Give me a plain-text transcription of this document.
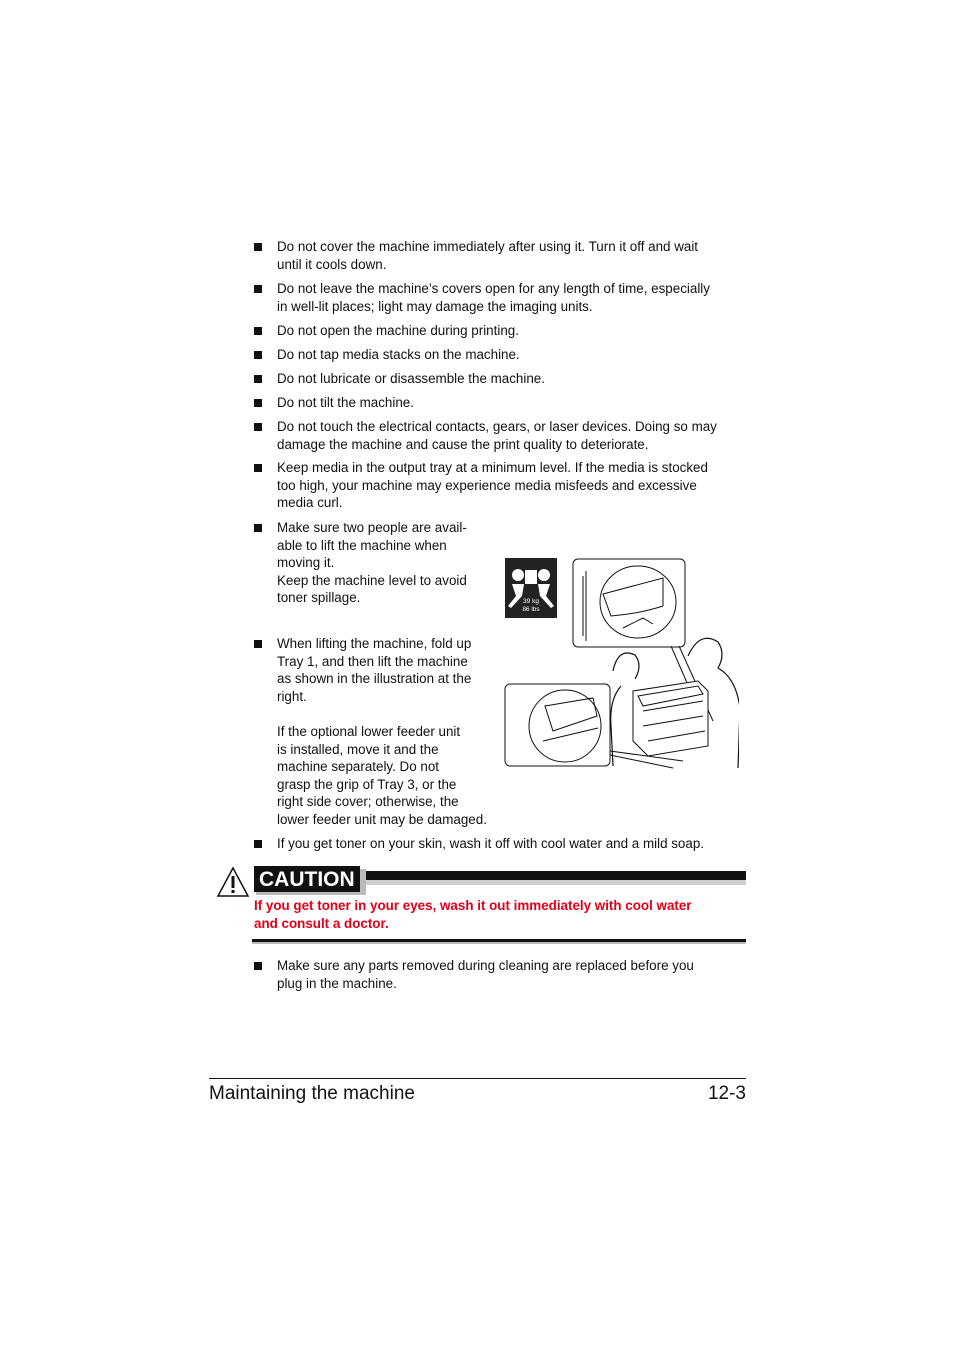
Do not cover the machine immediately after using it. Turn it off and wait
until it cools down.
Do not leave the machine’s covers open for any length of time, especially
in well-lit places; light may damage the imaging units.
Do not open the machine during printing.
Do not tap media stacks on the machine.
Do not lubricate or disassemble the machine.
Do not tilt the machine.
Do not touch the electrical contacts, gears, or laser devices. Doing so may
damage the machine and cause the print quality to deteriorate.
Keep media in the output tray at a minimum level. If the media is stocked
too high, your machine may experience media misfeeds and excessive
media curl.
Make sure two people are avail-
able to lift the machine when
moving it.
Keep the machine level to avoid
toner spillage.
When lifting the machine, fold up
Tray 1, and then lift the machine
as shown in the illustration at the
right.
If the optional lower feeder unit
is installed, move it and the
machine separately. Do not
grasp the grip of Tray 3, or the
right side cover; otherwise, the
lower feeder unit may be damaged.
If you get toner on your skin, wash it off with cool water and a mild soap.
Make sure any parts removed during cleaning are replaced before you
plug in the machine.
39 kg
86 lbs
CAUTION
If you get toner in your eyes, wash it out immediately with cool water
and consult a doctor.
Maintaining the machine	12-3
